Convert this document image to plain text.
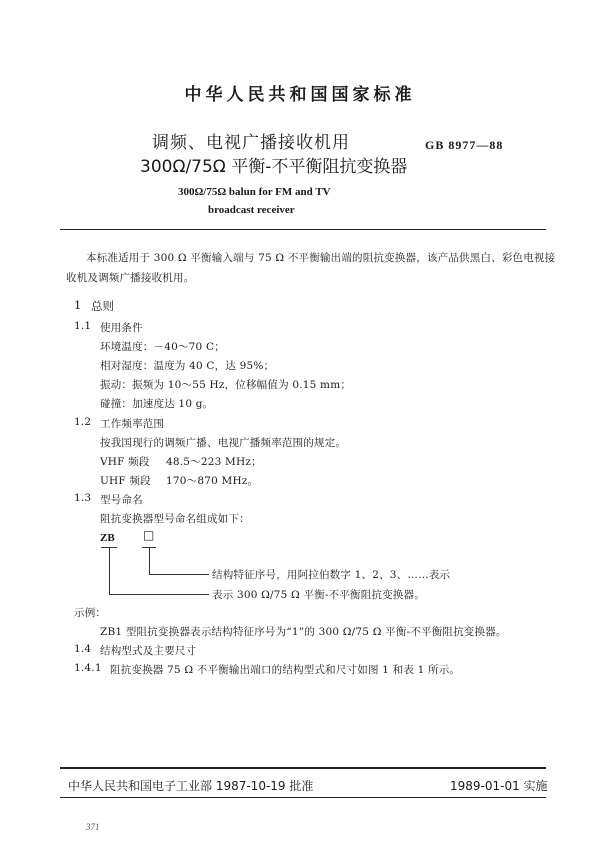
中华人民共和国国家标准
调频、电视广播接收机用
300Ω/75Ω 平衡-不平衡阻抗变换器
GB 8977—88
300Ω/75Ω balun for FM and TV
broadcast receiver
本标准适用于 300 Ω 平衡输入端与 75 Ω 不平衡输出端的阻抗变换器，该产品供黑白、彩色电视接
收机及调频广播接收机用。
1 总则
1.1 使用条件
环境温度：－40～70 C；
相对湿度：温度为 40 C，达 95%；
振动：振频为 10～55 Hz，位移幅值为 0.15 mm；
碰撞：加速度达 10 g。
1.2 工作频率范围
按我国现行的调频广播、电视广播频率范围的规定。
VHF 频段 48.5～223 MHz；
UHF 频段 170～870 MHz。
1.3 型号命名
阻抗变换器型号命名组成如下：
ZB □
结构特征序号，用阿拉伯数字 1、2、3、……表示
表示 300 Ω/75 Ω 平衡-不平衡阻抗变换器。
示例：
ZB1 型阻抗变换器表示结构特征序号为“1”的 300 Ω/75 Ω 平衡-不平衡阻抗变换器。
1.4 结构型式及主要尺寸
1.4.1 阻抗变换器 75 Ω 不平衡输出端口的结构型式和尺寸如图 1 和表 1 所示。
中华人民共和国电子工业部 1987-10-19 批准	1989-01-01 实施
371
